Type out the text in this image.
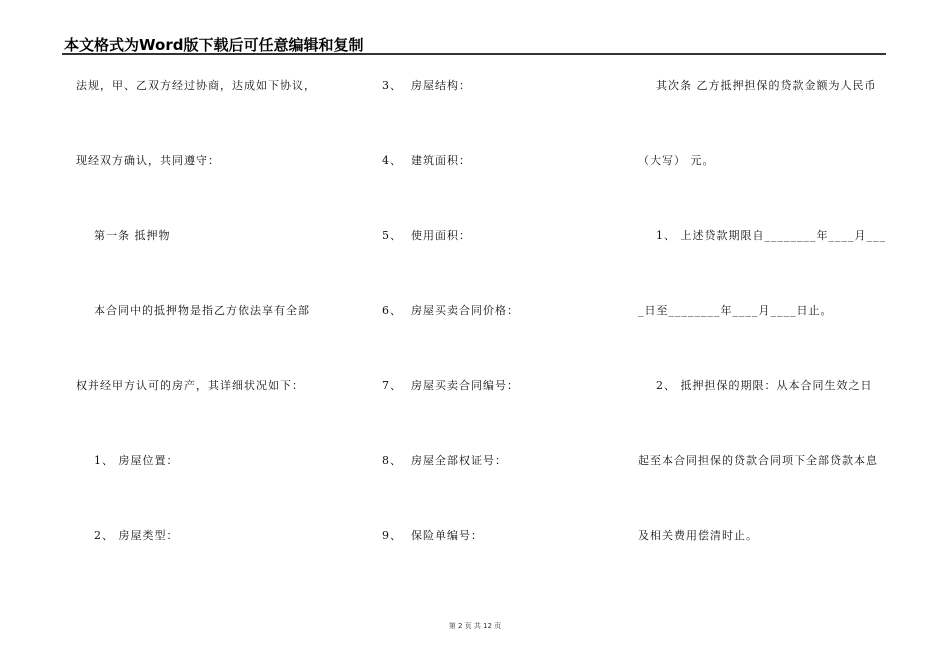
本文格式为Word版下载后可任意编辑和复制
法规，甲、乙双方经过协商，达成如下协议，
现经双方确认，共同遵守：
第一条 抵押物
本合同中的抵押物是指乙方依法享有全部
权并经甲方认可的房产，其详细状况如下：
1、 房屋位置：
2、 房屋类型：
3、  房屋结构：
4、  建筑面积：
5、  使用面积：
6、  房屋买卖合同价格：
7、  房屋买卖合同编号：
8、  房屋全部权证号：
9、  保险单编号：
其次条 乙方抵押担保的贷款金额为人民币
（大写） 元。
1、 上述贷款期限自________年____月___
_日至________年____月____日止。
2、 抵押担保的期限：从本合同生效之日
起至本合同担保的贷款合同项下全部贷款本息
及相关费用偿清时止。
第 2 页 共 12 页
